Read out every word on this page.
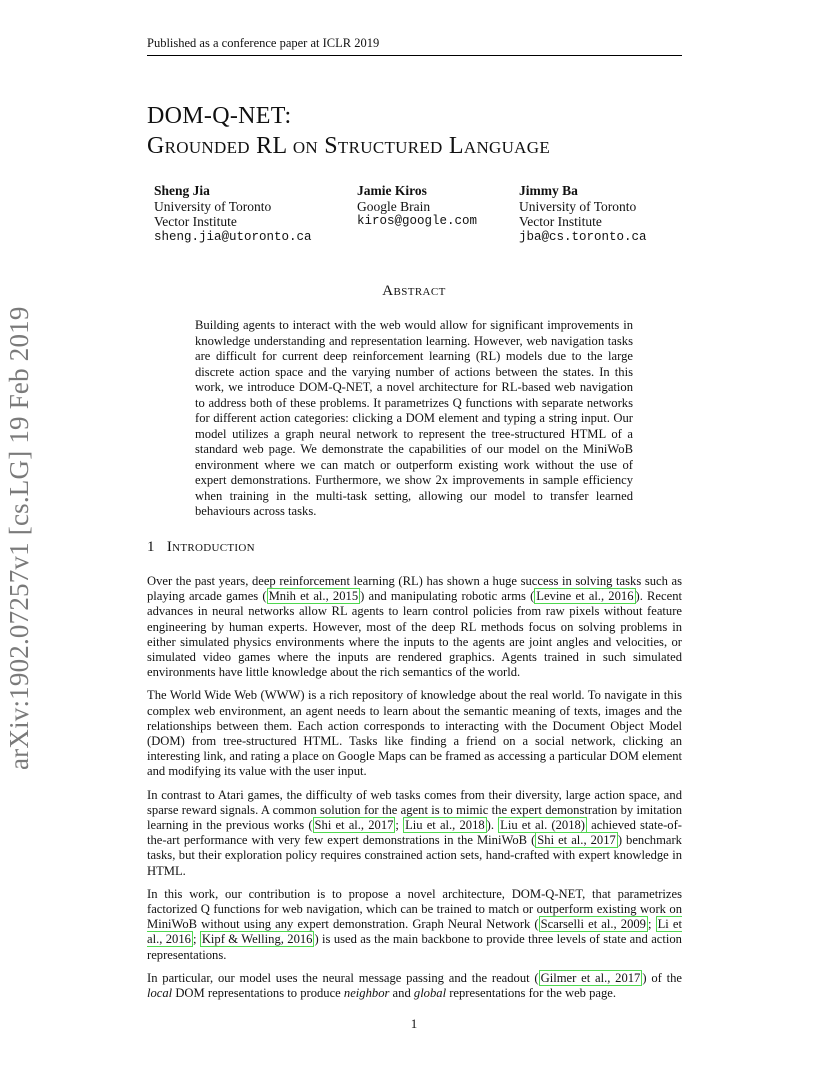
Published as a conference paper at ICLR 2019
arXiv:1902.07257v1 [cs.LG] 19 Feb 2019
DOM-Q-NET:
Grounded RL on Structured Language
Sheng Jia
University of Toronto
Vector Institute
sheng.jia@utoronto.ca
Jamie Kiros
Google Brain
kiros@google.com
Jimmy Ba
University of Toronto
Vector Institute
jba@cs.toronto.ca
Abstract
Building agents to interact with the web would allow for significant improvements in knowledge understanding and representation learning. However, web navigation tasks are difficult for current deep reinforcement learning (RL) models due to the large discrete action space and the varying number of actions between the states. In this work, we introduce DOM-Q-NET, a novel architecture for RL-based web navigation to address both of these problems. It parametrizes Q functions with separate networks for different action categories: clicking a DOM element and typing a string input. Our model utilizes a graph neural network to represent the tree-structured HTML of a standard web page. We demonstrate the capabilities of our model on the MiniWoB environment where we can match or outperform existing work without the use of expert demonstrations. Furthermore, we show 2x improvements in sample efficiency when training in the multi-task setting, allowing our model to transfer learned behaviours across tasks.
1 Introduction

Over the past years, deep reinforcement learning (RL) has shown a huge success in solving tasks such as playing arcade games ( Mnih et al., 2015 ) and manipulating robotic arms ( Levine et al., 2016 ). Recent advances in neural networks allow RL agents to learn control policies from raw pixels without feature engineering by human experts. However, most of the deep RL methods focus on solving problems in either simulated physics environments where the inputs to the agents are joint angles and velocities, or simulated video games where the inputs are rendered graphics. Agents trained in such simulated environments have little knowledge about the rich semantics of the world.

The World Wide Web (WWW) is a rich repository of knowledge about the real world. To navigate in this complex web environment, an agent needs to learn about the semantic meaning of texts, images and the relationships between them. Each action corresponds to interacting with the Document Object Model (DOM) from tree-structured HTML. Tasks like finding a friend on a social network, clicking an interesting link, and rating a place on Google Maps can be framed as accessing a particular DOM element and modifying its value with the user input.

In contrast to Atari games, the difficulty of web tasks comes from their diversity, large action space, and sparse reward signals. A common solution for the agent is to mimic the expert demonstration by imitation learning in the previous works ( Shi et al., 2017 ; Liu et al., 2018 ). Liu et al. (2018) achieved state-of-the-art performance with very few expert demonstrations in the MiniWoB ( Shi et al., 2017 ) benchmark tasks, but their exploration policy requires constrained action sets, hand-crafted with expert knowledge in HTML.

In this work, our contribution is to propose a novel architecture, DOM-Q-NET, that parametrizes factorized Q functions for web navigation, which can be trained to match or outperform existing work on MiniWoB without using any expert demonstration. Graph Neural Network ( Scarselli et al., 2009 ; Li et al., 2016 ; Kipf & Welling, 2016 ) is used as the main backbone to provide three levels of state and action representations.

In particular, our model uses the neural message passing and the readout ( Gilmer et al., 2017 ) of the local DOM representations to produce neighbor and global representations for the web page.

1
